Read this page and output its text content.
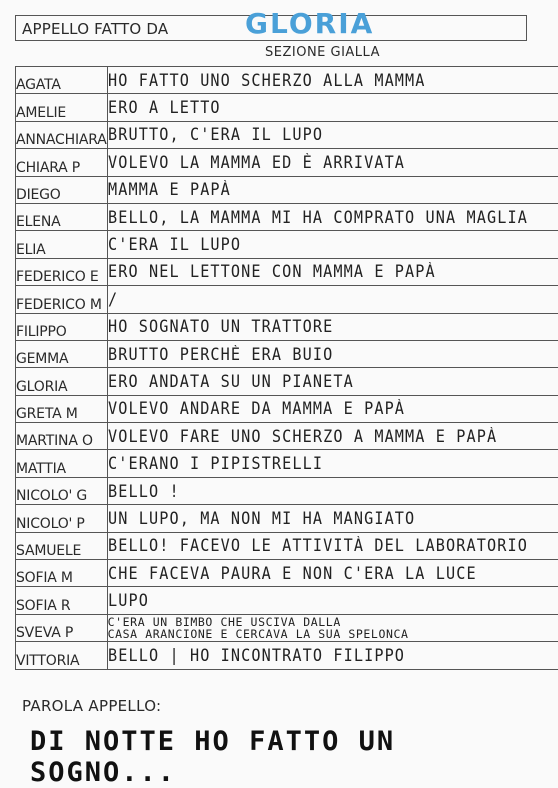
APPELLO FATTO DA	GLORIA
SEZIONE GIALLA
AGATA	HO FATTO UNO SCHERZO ALLA MAMMA
AMELIE	ERO A LETTO
ANNACHIARA	BRUTTO, C'ERA IL LUPO
CHIARA P	VOLEVO LA MAMMA ED È ARRIVATA
DIEGO	MAMMA E PAPÀ
ELENA	BELLO, LA MAMMA MI HA COMPRATO UNA MAGLIA
ELIA	C'ERA IL LUPO
FEDERICO E	ERO NEL LETTONE CON MAMMA E PAPÀ
FEDERICO M	/
FILIPPO	HO SOGNATO UN TRATTORE
GEMMA	BRUTTO PERCHÈ ERA BUIO
GLORIA	ERO ANDATA SU UN PIANETA
GRETA M	VOLEVO ANDARE DA MAMMA E PAPÀ
MARTINA O	VOLEVO FARE UNO SCHERZO A MAMMA E PAPÀ
MATTIA	C'ERANO I PIPISTRELLI
NICOLO' G	BELLO !
NICOLO' P	UN LUPO, MA NON MI HA MANGIATO
SAMUELE	BELLO! FACEVO LE ATTIVITÀ DEL LABORATORIO
SOFIA M	CHE FACEVA PAURA E NON C'ERA LA LUCE
SOFIA R	LUPO
SVEVA P	C'ERA UN BIMBO CHE USCIVA DALLA
CASA ARANCIONE E CERCAVA LA SUA SPELONCA
VITTORIA	BELLO | HO INCONTRATO FILIPPO
PAROLA APPELLO:
DI NOTTE HO FATTO UN SOGNO...
